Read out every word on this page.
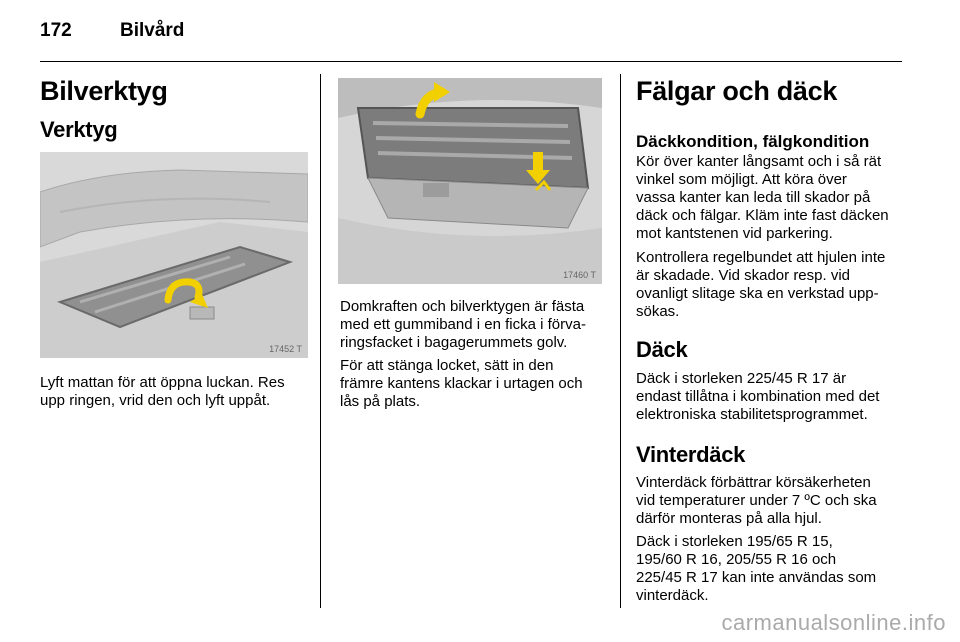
172	Bilvård
Bilverktyg
Verktyg
17452 T

Lyft mattan för att öppna luckan. Res

upp ringen, vrid den och lyft uppåt.

17460 T

Domkraften och bilverktygen är fästa

med ett gummiband i en ficka i förva-

ringsfacket i bagagerummets golv.

För att stänga locket, sätt in den

främre kantens klackar i urtagen och

lås på plats.

Fälgar och däck
Däckkondition, fälgkondition

Kör över kanter långsamt och i så rät

vinkel som möjligt. Att köra över

vassa kanter kan leda till skador på

däck och fälgar. Kläm inte fast däcken

mot kantstenen vid parkering.

Kontrollera regelbundet att hjulen inte

är skadade. Vid skador resp. vid

ovanligt slitage ska en verkstad upp-

sökas.

Däck

Däck i storleken 225/45 R 17 är

endast tillåtna i kombination med det

elektroniska stabilitetsprogrammet.

Vinterdäck

Vinterdäck förbättrar körsäkerheten

vid temperaturer under 7 ºC och ska

därför monteras på alla hjul.

Däck i storleken 195/65 R 15,

195/60 R 16, 205/55 R 16 och

225/45 R 17 kan inte användas som

vinterdäck.

carmanualsonline.info
